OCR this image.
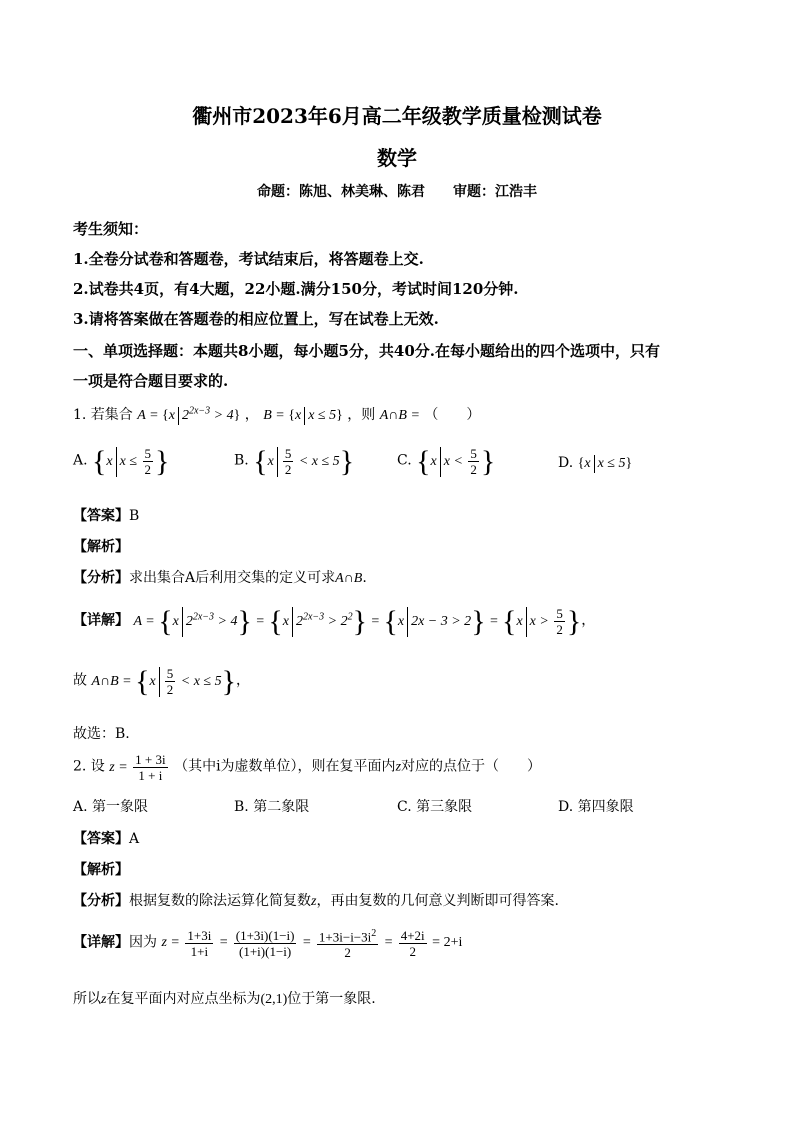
衢州市2023年6月高二年级教学质量检测试卷
数学
命题：陈旭、林美琳、陈君　　审题：江浩丰
考生须知：
1.全卷分试卷和答题卷，考试结束后，将答题卷上交.
2.试卷共4页，有4大题，22小题.满分150分，考试时间120分钟.
3.请将答案做在答题卷的相应位置上，写在试卷上无效.
一、单项选择题：本题共8小题，每小题5分，共40分.在每小题给出的四个选项中，只有
一项是符合题目要求的.
1. 若集合 A = {x $2^{2x-3} > 4$} ， B = {x x ≤ 5} ，则 A∩B = （　　）
A. {x $x \le \frac{5}{2}$ }	B. $\{x \frac{5}{2} < x \le 5\}$	C. {x $x < \frac{5}{2}$ }	D. {x x ≤ 5}
【答案】B
【解析】
【分析】求出集合A后利用交集的定义可求A∩B.
【详解】 A = {x $2^{2x-3} > 4\} = \{x$ $2^{2x-3} > 2^2\} = \{x$ 2x − 3 > 2} = {x $x > \frac{5}{2}$ }，
故 A∩B = $\{x \frac{5}{2} < x \le 5\}$，
故选：B.
2. 设 $z = \frac{1 + 3i}{1 + i}$ （其中i为虚数单位），则在复平面内z对应的点位于（　　）
A. 第一象限	B. 第二象限	C. 第三象限	D. 第四象限
【答案】A
【解析】
【分析】根据复数的除法运算化简复数z，再由复数的几何意义判断即可得答案.
【详解】因为 $z = \frac{1+3i}{1+i} = \frac{(1+3i)(1-i)}{(1+i)(1-i)} = \frac{1+3i-i-3i^2}{2} = \frac{4+2i}{2} = 2+i$
所以z在复平面内对应点坐标为(2,1)位于第一象限.
